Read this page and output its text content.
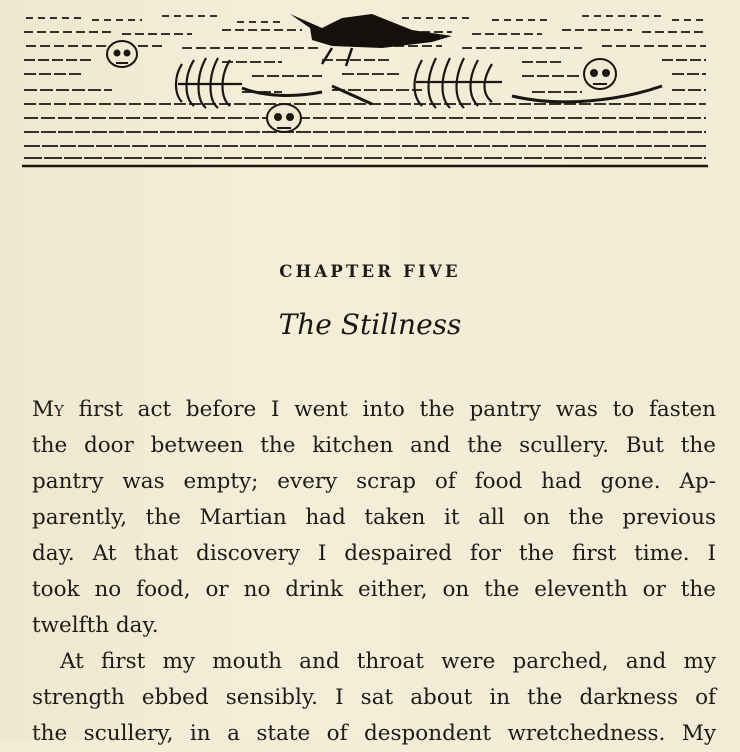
CHAPTER FIVE
The Stillness

My first act before I went into the pantry was to fasten
the door between the kitchen and the scullery. But the
pantry was empty; every scrap of food had gone. Ap-
parently, the Martian had taken it all on the previous
day. At that discovery I despaired for the first time. I
took no food, or no drink either, on the eleventh or the
twelfth day.

At first my mouth and throat were parched, and my
strength ebbed sensibly. I sat about in the darkness of
the scullery, in a state of despondent wretchedness. My
